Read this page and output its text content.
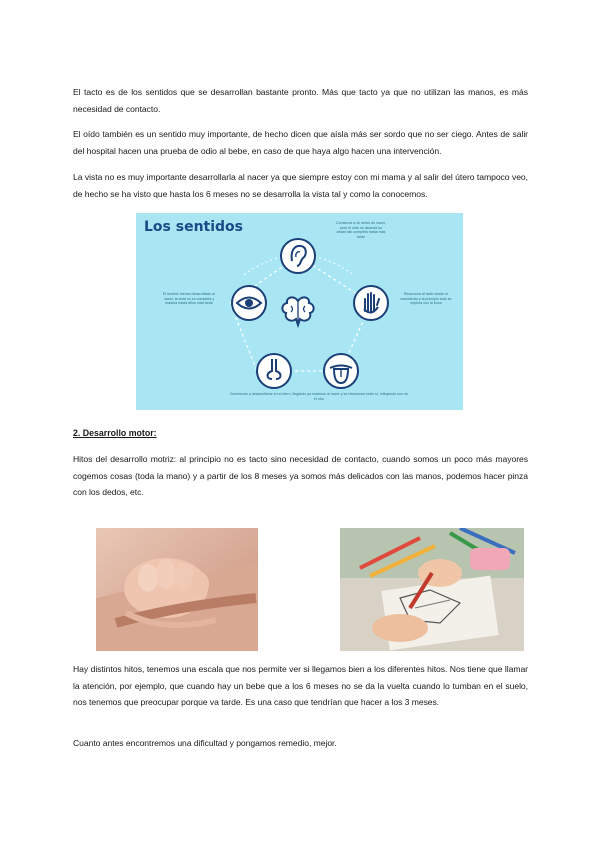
El tacto es de los sentidos que se desarrollan bastante pronto. Más que tacto ya que no utilizan las manos, es más necesidad de contacto.
El oído también es un sentido muy importante, de hecho dicen que aísla más ser sordo que no ser ciego. Antes de salir del hospital hacen una prueba de odio al bebe, en caso de que haya algo hacen una intervención.
La vista no es muy importante desarrollarla al nacer ya que siempre estoy con mi mama y al salir del útero tampoco veo, de hecho se ha visto que hasta los 6 meses no se desarrolla la vista tal y como la conocemos.
Los sentidos	Comienza a oír antes de nacer, pero el oído no alcanza su desarrollo completo hasta más tarde
El sentido menos desarrollado al nacer, la vista no es completa y madura hasta años más tarde
Reacciona al tacto desde el nacimiento y al principio todo se explora con la boca
Comienzan a desarrollarse en el útero, llegando ya maduros al nacer y se relacionan entre sí, influyendo uno en el otro
2. Desarrollo motor:
Hitos del desarrollo motriz: al principio no es tacto sino necesidad de contacto, cuando somos un poco más mayores cogemos cosas (toda la mano) y a partir de los 8 meses ya somos más delicados con las manos, podemos hacer pinza con los dedos, etc.
Hay distintos hitos, tenemos una escala que nos permite ver si llegamos bien a los diferentes hitos. Nos tiene que llamar la atención, por ejemplo, que cuando hay un bebe que a los 6 meses no se da la vuelta cuando lo tumban en el suelo, nos tenemos que preocupar porque va tarde. Es una caso que tendrían que hacer a los 3 meses.
Cuanto antes encontremos una dificultad y pongamos remedio, mejor.
